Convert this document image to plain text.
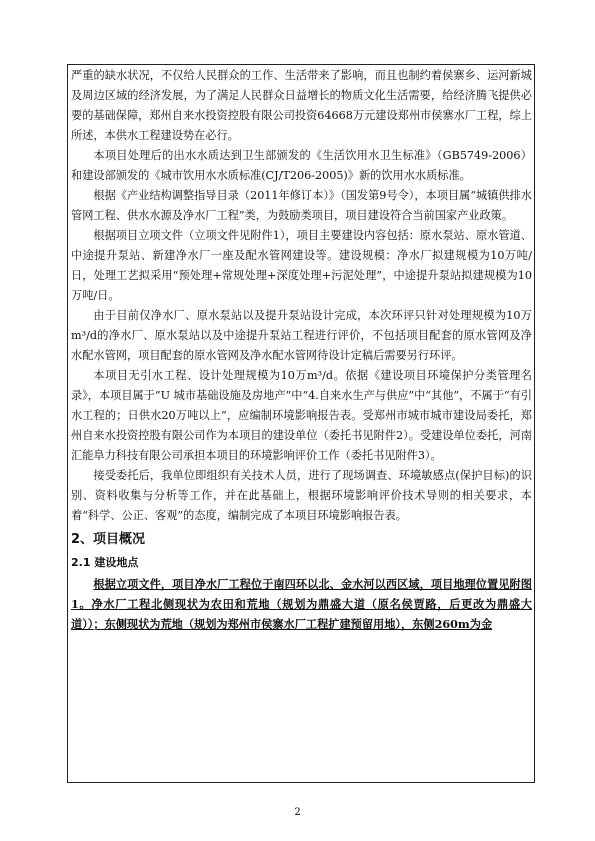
严重的缺水状况，不仅给人民群众的工作、生活带来了影响，而且也制约着侯寨乡、运河新城及周边区域的经济发展，为了满足人民群众日益增长的物质文化生活需要，给经济腾飞提供必要的基础保障，郑州自来水投资控股有限公司投资64668万元建设郑州市侯寨水厂工程，综上所述，本供水工程建设势在必行。

本项目处理后的出水水质达到卫生部颁发的《生活饮用水卫生标准》（GB5749-2006）和建设部颁发的《城市饮用水水质标准(CJ/T206-2005)》新的饮用水水质标准。

根据《产业结构调整指导目录（2011年修订本）》（国发第9号令），本项目属“城镇供排水管网工程、供水水源及净水厂工程”类，为鼓励类项目，项目建设符合当前国家产业政策。

根据项目立项文件（立项文件见附件1），项目主要建设内容包括：原水泵站、原水管道、中途提升泵站、新建净水厂一座及配水管网建设等。建设规模：净水厂拟建规模为10万吨/日，处理工艺拟采用“预处理+常规处理+深度处理+污泥处理”，中途提升泵站拟建规模为10万吨/日。

由于目前仅净水厂、原水泵站以及提升泵站设计完成，本次环评只针对处理规模为10万m³/d的净水厂、原水泵站以及中途提升泵站工程进行评价，不包括项目配套的原水管网及净水配水管网，项目配套的原水管网及净水配水管网待设计定稿后需要另行环评。

本项目无引水工程、设计处理规模为10万m³/d。依据《建设项目环境保护分类管理名录》，本项目属于“U 城市基础设施及房地产”中“4.自来水生产与供应”中“其他”，不属于“有引水工程的；日供水20万吨以上”，应编制环境影响报告表。受郑州市城市城市建设局委托，郑州自来水投资控股有限公司作为本项目的建设单位（委托书见附件2）。受建设单位委托，河南汇能阜力科技有限公司承担本项目的环境影响评价工作（委托书见附件3）。

接受委托后，我单位即组织有关技术人员，进行了现场调查、环境敏感点(保护目标)的识别、资料收集与分析等工作，并在此基础上，根据环境影响评价技术导则的相关要求，本着“科学、公正、客观”的态度，编制完成了本项目环境影响报告表。

2、项目概况
2.1 建设地点

根据立项文件，项目净水厂工程位于南四环以北、金水河以西区域，项目地理位置见附图1。净水厂工程北侧现状为农田和荒地（规划为鼎盛大道（原名侯贾路，后更改为鼎盛大道））；东侧现状为荒地（规划为郑州市侯寨水厂工程扩建预留用地），东侧260m为金

2
